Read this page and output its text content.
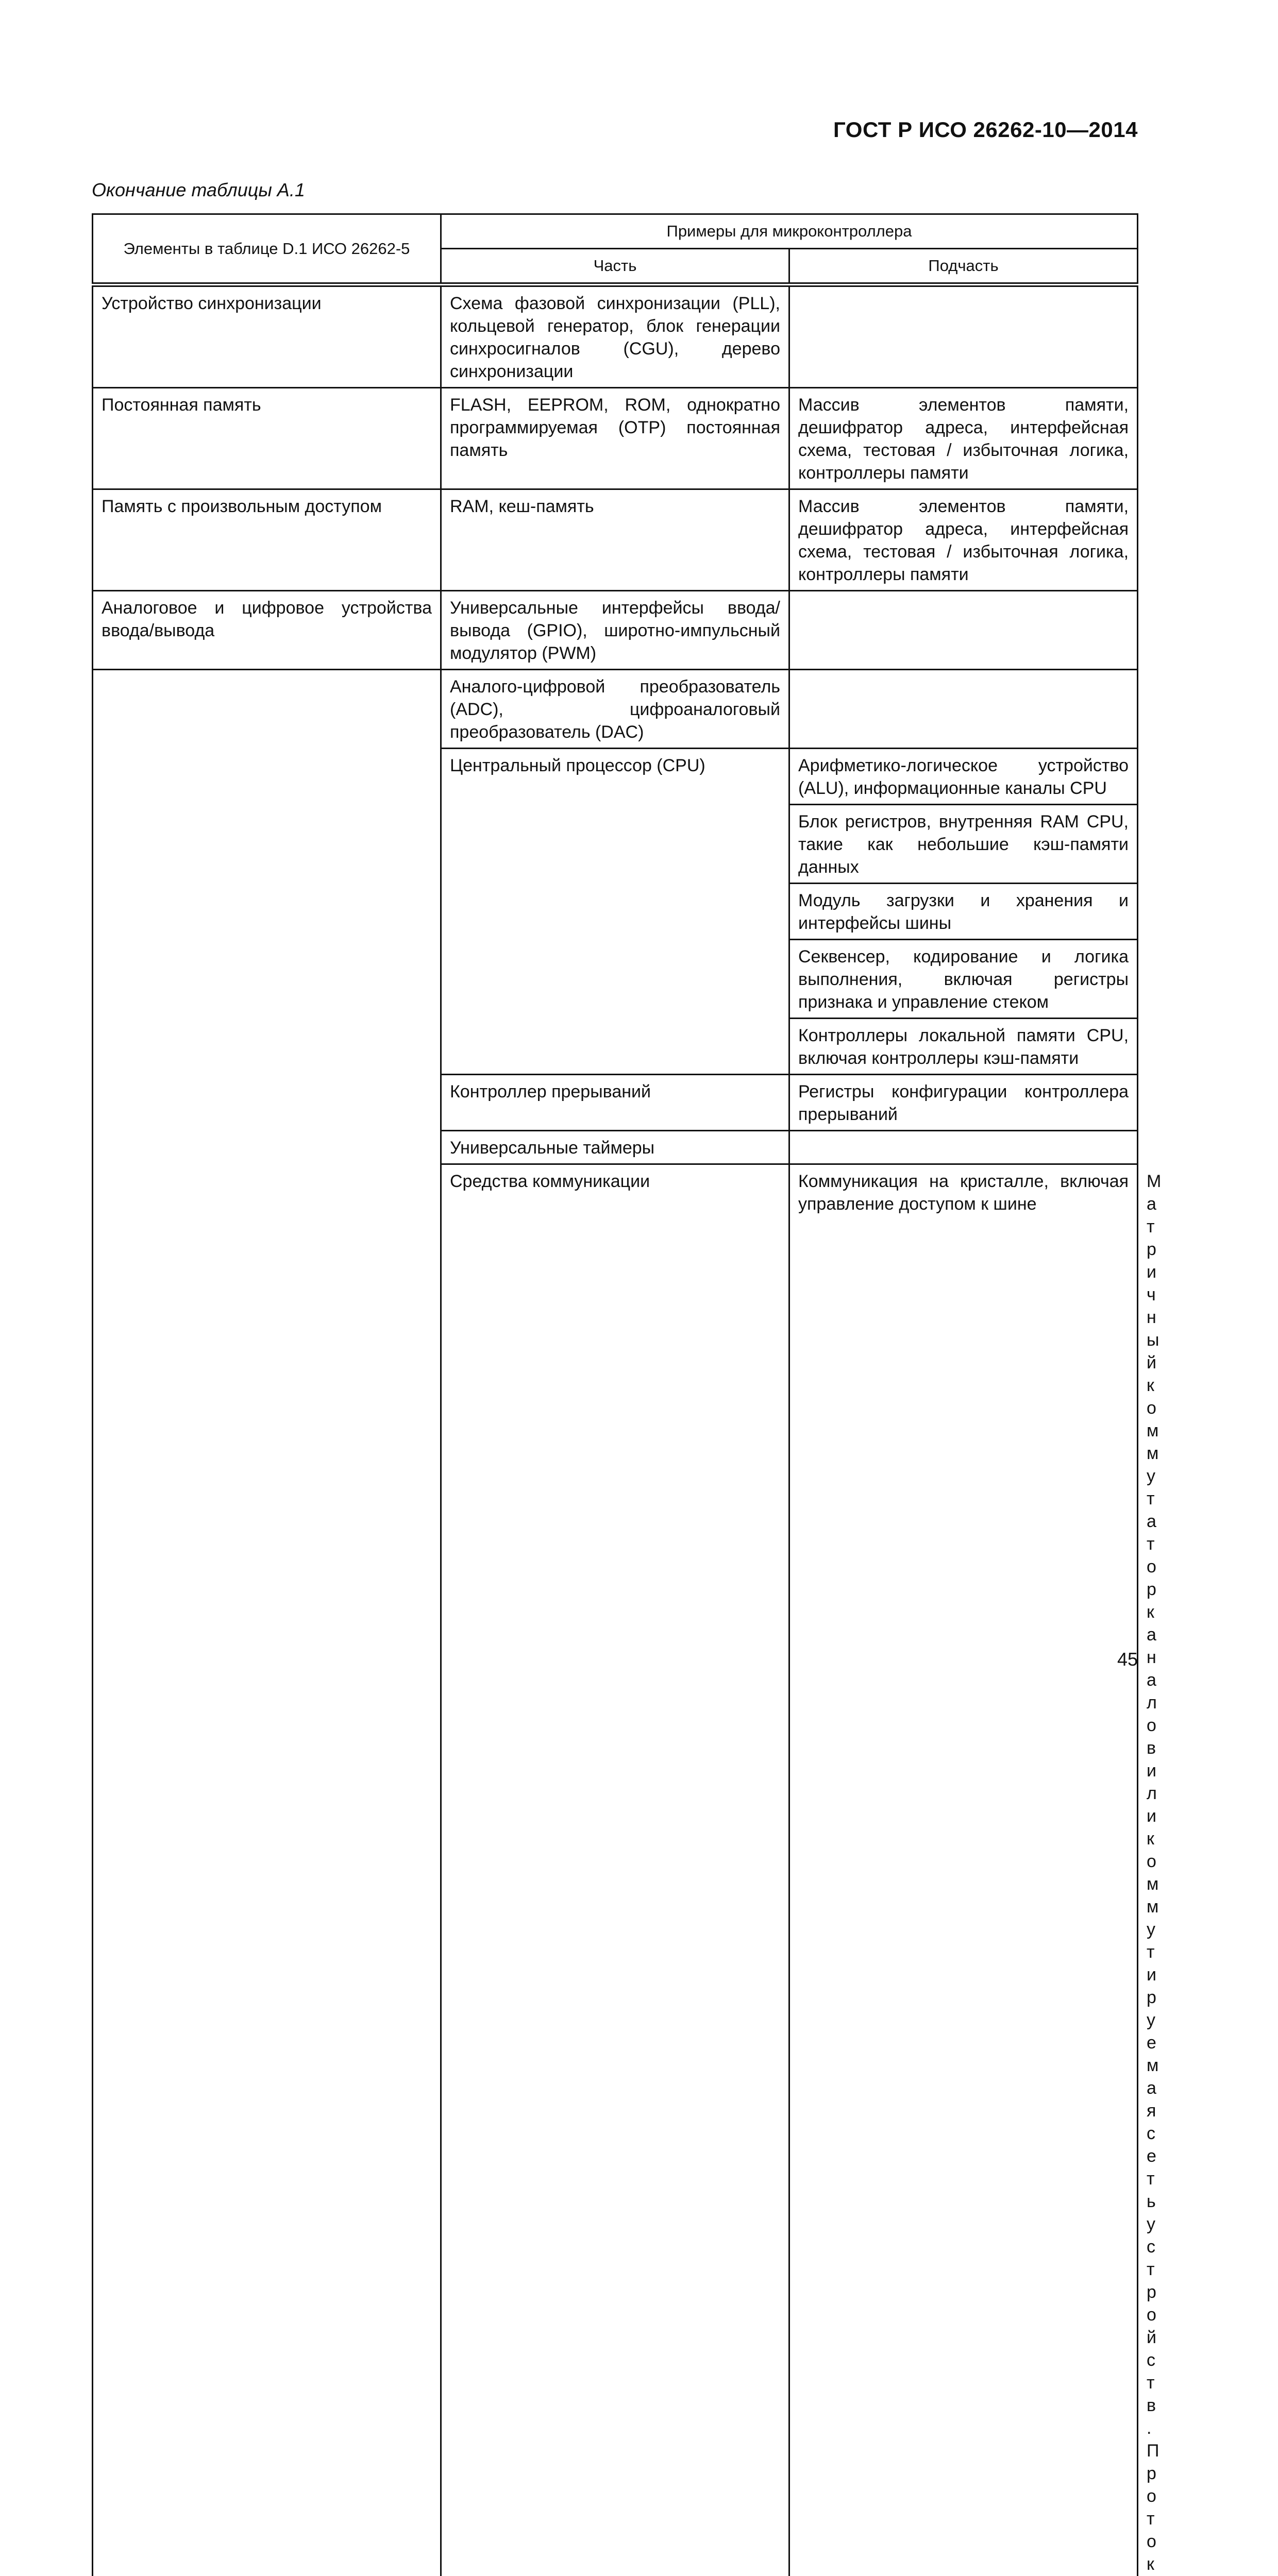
ГОСТ Р ИСО 26262-10—2014
Окончание таблицы А.1
Элементы в таблице D.1 ИСО 26262-5	Примеры для микроконтроллера		
	Часть	Подчасть	
Устройство синхронизации	Схема фазовой синхронизации (PLL), кольцевой генератор, блок генерации синхросигналов (CGU), дерево синхронизации		
Постоянная память	FLASH, EEPROM, ROM, однократно программируемая (OTP) постоянная память	Массив элементов памяти, дешифратор адреса, интерфейсная схема, тестовая / избыточная логика, контроллеры памяти	
Память с произвольным доступом	RAM, кеш-память	Массив элементов памяти, дешифратор адреса, интерфейсная схема, тестовая / избыточная логика, контроллеры памяти	
Аналоговое и цифровое устройства ввода/вывода	Универсальные интерфейсы ввода/вывода (GPIO), широтно-импульсный модулятор (PWM)		
	Аналого-цифровой преобразователь (ADC), цифроаналоговый преобразователь (DAC)		
	Центральный процессор (CPU)	Арифметико-логическое устройство (ALU), информационные каналы CPU	
		Блок регистров, внутренняя RAM CPU, такие как небольшие кэш-памяти данных	
		Модуль загрузки и хранения и интерфейсы шины	
		Секвенсер, кодирование и логика выполнения, включая регистры признака и управление стеком	
		Контроллеры локальной памяти CPU, включая контроллеры кэш-памяти	
	Контроллер прерываний	Регистры конфигурации контроллера прерываний	
	Универсальные таймеры		
	Средства коммуникации	Коммуникация на кристалле, включая управление доступом к шине	Матричный коммутатор каналов или коммутируемая сеть устройств. Проток

45
